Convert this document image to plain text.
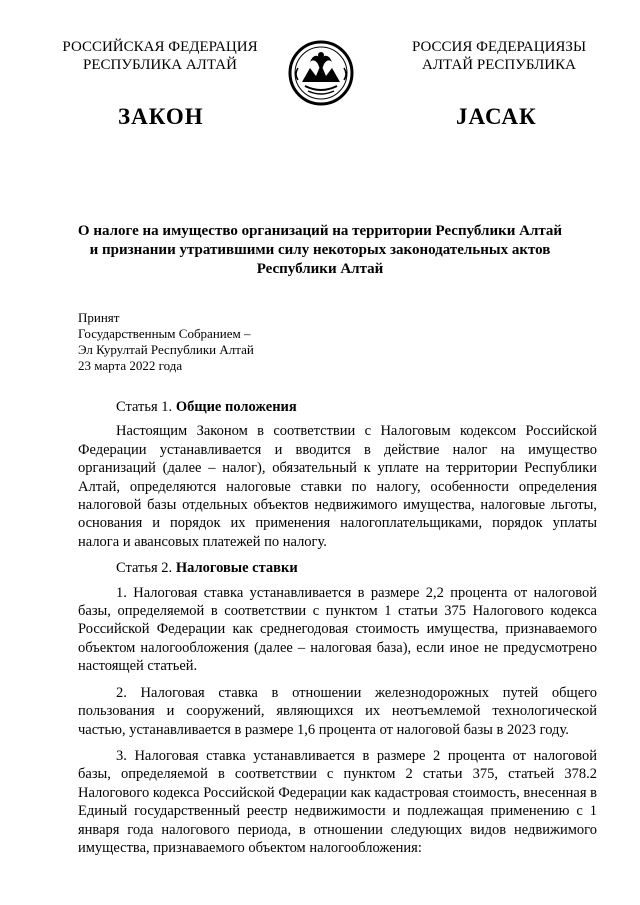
РОССИЙСКАЯ ФЕДЕРАЦИЯ
РЕСПУБЛИКА АЛТАЙ
РОССИЯ ФЕДЕРАЦИЯЗЫ
АЛТАЙ РЕСПУБЛИКА
ЗАКОН	JАСАК
О налоге на имущество организаций на территории Республики Алтай
и признании утратившими силу некоторых законодательных актов
Республики Алтай
Принят
Государственным Собранием –
Эл Курултай Республики Алтай
23 марта 2022 года

Статья 1. Общие положения

Настоящим Законом в соответствии с Налоговым кодексом Российской Федерации устанавливается и вводится в действие налог на имущество организаций (далее – налог), обязательный к уплате на территории Республики Алтай, определяются налоговые ставки по налогу, особенности определения налоговой базы отдельных объектов недвижимого имущества, налоговые льготы, основания и порядок их применения налогоплательщиками, порядок уплаты налога и авансовых платежей по налогу.

Статья 2. Налоговые ставки

1. Налоговая ставка устанавливается в размере 2,2 процента от налоговой базы, определяемой в соответствии с пунктом 1 статьи 375 Налогового кодекса Российской Федерации как среднегодовая стоимость имущества, признаваемого объектом налогообложения (далее – налоговая база), если иное не предусмотрено настоящей статьей.

2. Налоговая ставка в отношении железнодорожных путей общего пользования и сооружений, являющихся их неотъемлемой технологической частью, устанавливается в размере 1,6 процента от налоговой базы в 2023 году.

3. Налоговая ставка устанавливается в размере 2 процента от налоговой базы, определяемой в соответствии с пунктом 2 статьи 375, статьей 378.2 Налогового кодекса Российской Федерации как кадастровая стоимость, внесенная в Единый государственный реестр недвижимости и подлежащая применению с 1 января года налогового периода, в отношении следующих видов недвижимого имущества, признаваемого объектом налогообложения:
